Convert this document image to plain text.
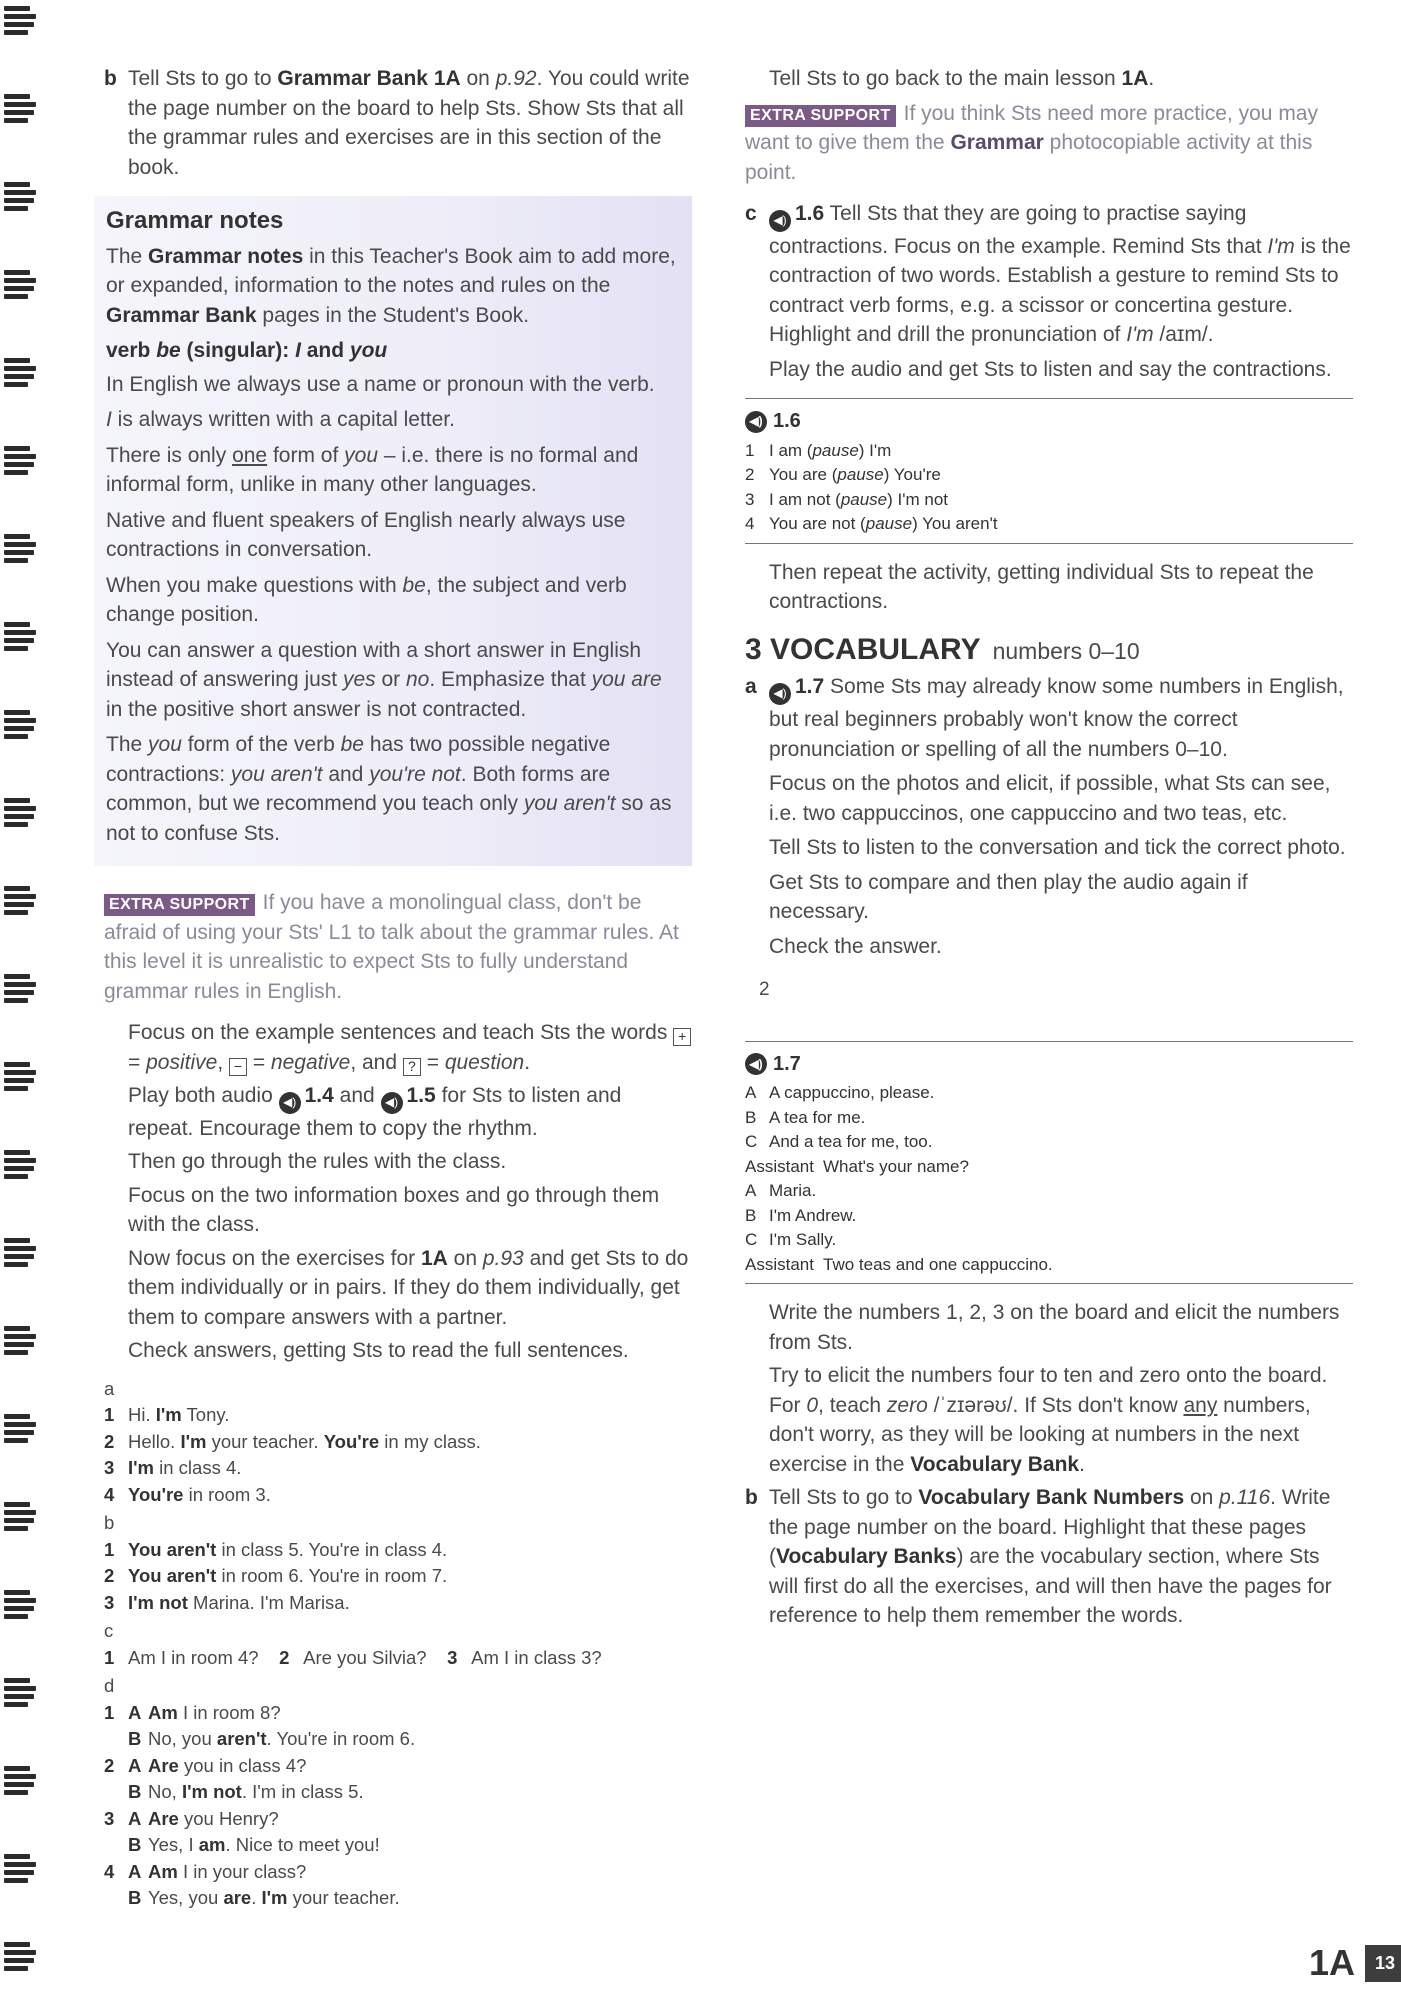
b Tell Sts to go to Grammar Bank 1A on p.92. You could write the page number on the board to help Sts. Show Sts that all the grammar rules and exercises are in this section of the book.

Grammar notes

The Grammar notes in this Teacher's Book aim to add more, or expanded, information to the notes and rules on the Grammar Bank pages in the Student's Book.

verb be (singular): I and you

In English we always use a name or pronoun with the verb.

I is always written with a capital letter.

There is only one form of you – i.e. there is no formal and informal form, unlike in many other languages.

Native and fluent speakers of English nearly always use contractions in conversation.

When you make questions with be, the subject and verb change position.

You can answer a question with a short answer in English instead of answering just yes or no. Emphasize that you are in the positive short answer is not contracted.

The you form of the verb be has two possible negative contractions: you aren't and you're not. Both forms are common, but we recommend you teach only you aren't so as not to confuse Sts.

EXTRA SUPPORT If you have a monolingual class, don't be afraid of using your Sts' L1 to talk about the grammar rules. At this level it is unrealistic to expect Sts to fully understand grammar rules in English.

Focus on the example sentences and teach Sts the words + = positive, − = negative, and ? = question.

Play both audio ◀) 1.4 and ◀) 1.5 for Sts to listen and repeat. Encourage them to copy the rhythm.

Then go through the rules with the class.

Focus on the two information boxes and go through them with the class.

Now focus on the exercises for 1A on p.93 and get Sts to do them individually or in pairs. If they do them individually, get them to compare answers with a partner.

Check answers, getting Sts to read the full sentences.

a
1 Hi. I'm Tony.
2 Hello. I'm your teacher. You're in my class.
3 I'm in class 4.
4 You're in room 3.
b
1 You aren't in class 5. You're in class 4.
2 You aren't in room 6. You're in room 7.
3 I'm not Marina. I'm Marisa.
c
1 Am I in room 4? 2 Are you Silvia? 3 Am I in class 3?
d
1 A Am I in room 8?
B No, you aren't. You're in room 6.
2 A Are you in class 4?
B No, I'm not. I'm in class 5.
3 A Are you Henry?
B Yes, I am. Nice to meet you!
4 A Am I in your class?
B Yes, you are. I'm your teacher.

Tell Sts to go back to the main lesson 1A.

EXTRA SUPPORT If you think Sts need more practice, you may want to give them the Grammar photocopiable activity at this point.

c	◀) 1.6 Tell Sts that they are going to practise saying contractions. Focus on the example. Remind Sts that I'm is the contraction of two words. Establish a gesture to remind Sts to contract verb forms, e.g. a scissor or concertina gesture. Highlight and drill the pronunciation of I'm /aɪm/.

Play the audio and get Sts to listen and say the contractions.

◀) 1.6
1 I am (pause) I'm
2 You are (pause) You're
3 I am not (pause) I'm not
4 You are not (pause) You aren't

Then repeat the activity, getting individual Sts to repeat the contractions.

3 VOCABULARY numbers 0–10
a	◀) 1.7 Some Sts may already know some numbers in English, but real beginners probably won't know the correct pronunciation or spelling of all the numbers 0–10.

Focus on the photos and elicit, if possible, what Sts can see, i.e. two cappuccinos, one cappuccino and two teas, etc.

Tell Sts to listen to the conversation and tick the correct photo.

Get Sts to compare and then play the audio again if necessary.

Check the answer.

2

◀) 1.7
A A cappuccino, please.
B A tea for me.
C And a tea for me, too.
Assistant What's your name?
A Maria.
B I'm Andrew.
C I'm Sally.
Assistant Two teas and one cappuccino.

Write the numbers 1, 2, 3 on the board and elicit the numbers from Sts.

Try to elicit the numbers four to ten and zero onto the board. For 0, teach zero /ˈzɪərəʊ/. If Sts don't know any numbers, don't worry, as they will be looking at numbers in the next exercise in the Vocabulary Bank.

b Tell Sts to go to Vocabulary Bank Numbers on p.116. Write the page number on the board. Highlight that these pages (Vocabulary Banks) are the vocabulary section, where Sts will first do all the exercises, and will then have the pages for reference to help them remember the words.

1A	13
